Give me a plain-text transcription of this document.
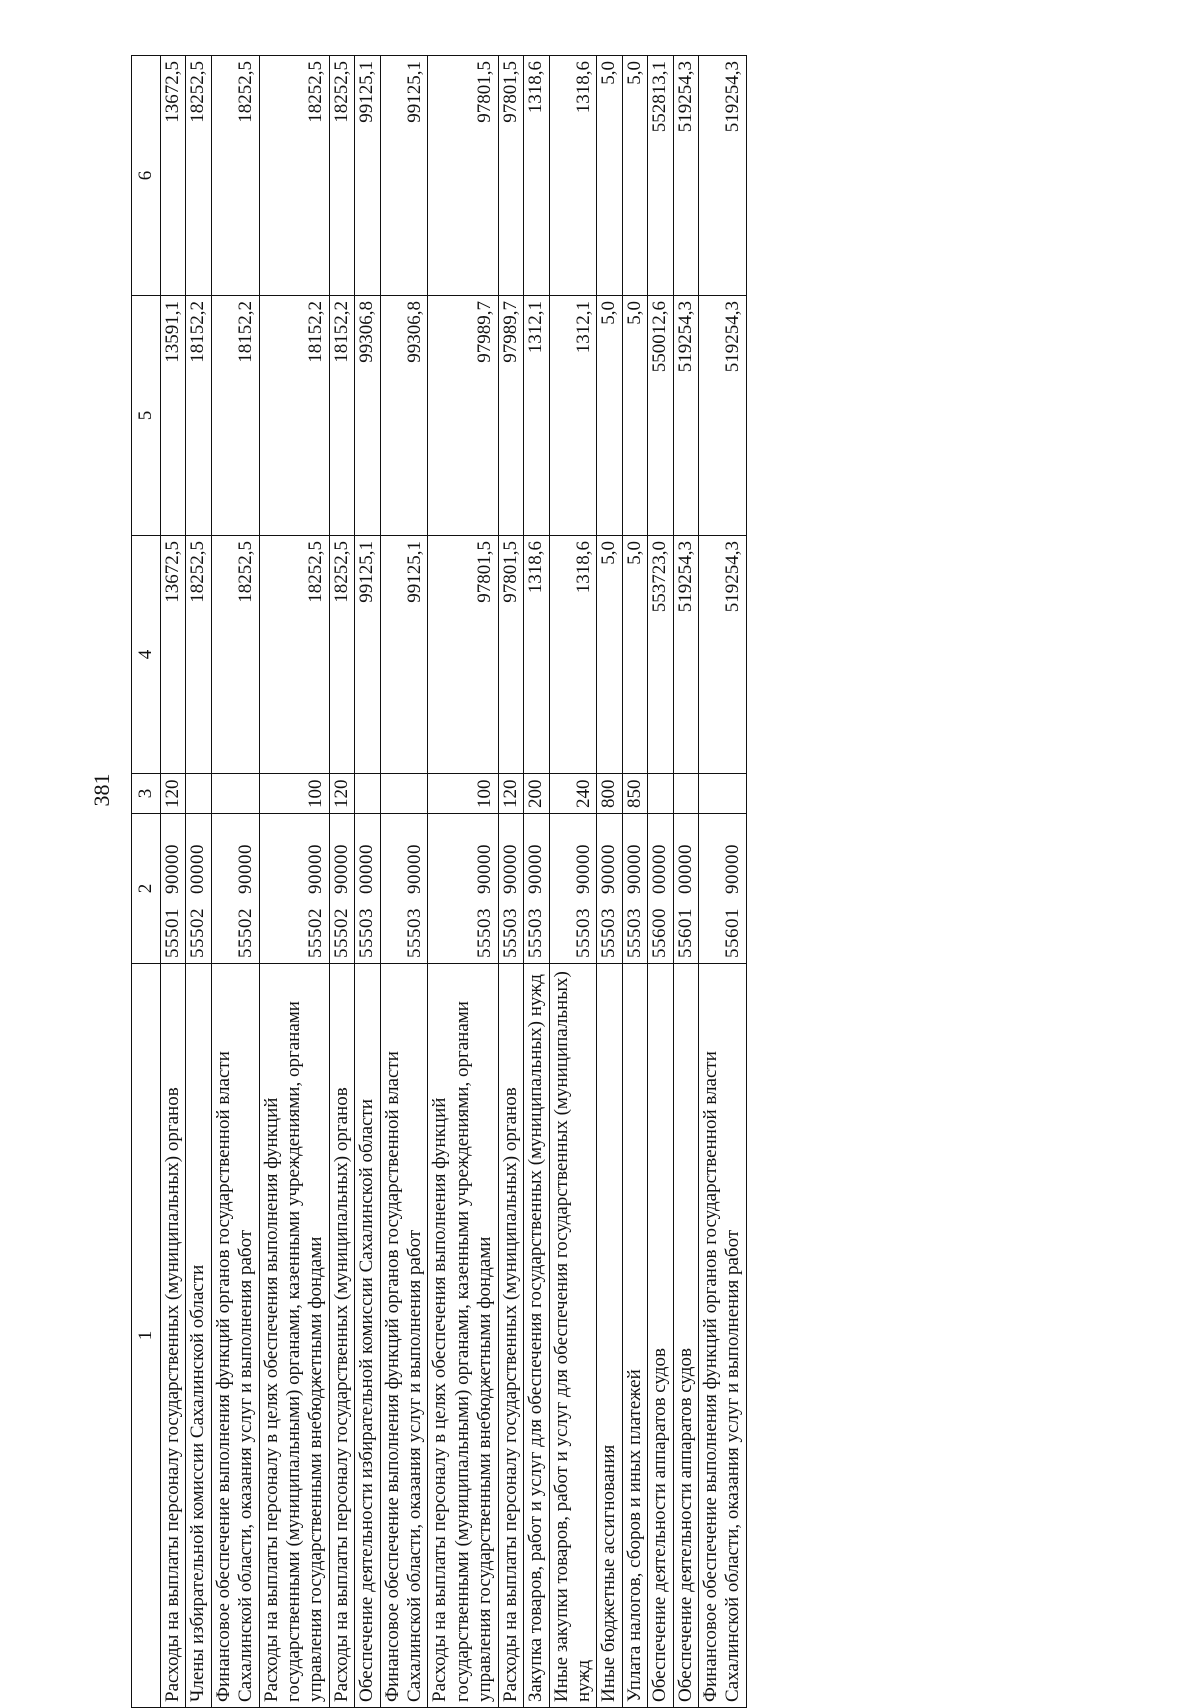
381
1	2	3	4	5	6
Расходы на выплаты персоналу государственных (муниципальных) органов	5550190000	120	13672,5	13591,1	13672,5
Члены избирательной комиссии Сахалинской области	5550200000		18252,5	18152,2	18252,5
Финансовое обеспечение выполнения функций органов государственной власти Сахалинской области, оказания услуг и выполнения работ	5550290000		18252,5	18152,2	18252,5
Расходы на выплаты персоналу в целях обеспечения выполнения функций государственными (муниципальными) органами, казенными учреждениями, органами управления государственными внебюджетными фондами	5550290000	100	18252,5	18152,2	18252,5
Расходы на выплаты персоналу государственных (муниципальных) органов	5550290000	120	18252,5	18152,2	18252,5
Обеспечение деятельности избирательной комиссии Сахалинской области	5550300000		99125,1	99306,8	99125,1
Финансовое обеспечение выполнения функций органов государственной власти Сахалинской области, оказания услуг и выполнения работ	5550390000		99125,1	99306,8	99125,1
Расходы на выплаты персоналу в целях обеспечения выполнения функций государственными (муниципальными) органами, казенными учреждениями, органами управления государственными внебюджетными фондами	5550390000	100	97801,5	97989,7	97801,5
Расходы на выплаты персоналу государственных (муниципальных) органов	5550390000	120	97801,5	97989,7	97801,5
Закупка товаров, работ и услуг для обеспечения государственных (муниципальных) нужд	5550390000	200	1318,6	1312,1	1318,6
Иные закупки товаров, работ и услуг для обеспечения государственных (муниципальных) нужд	5550390000	240	1318,6	1312,1	1318,6
Иные бюджетные ассигнования	5550390000	800	5,0	5,0	5,0
Уплата налогов, сборов и иных платежей	5550390000	850	5,0	5,0	5,0
Обеспечение деятельности аппаратов судов	5560000000		553723,0	550012,6	552813,1
Обеспечение деятельности аппаратов судов	5560100000		519254,3	519254,3	519254,3
Финансовое обеспечение выполнения функций органов государственной власти Сахалинской области, оказания услуг и выполнения работ	5560190000		519254,3	519254,3	519254,3
